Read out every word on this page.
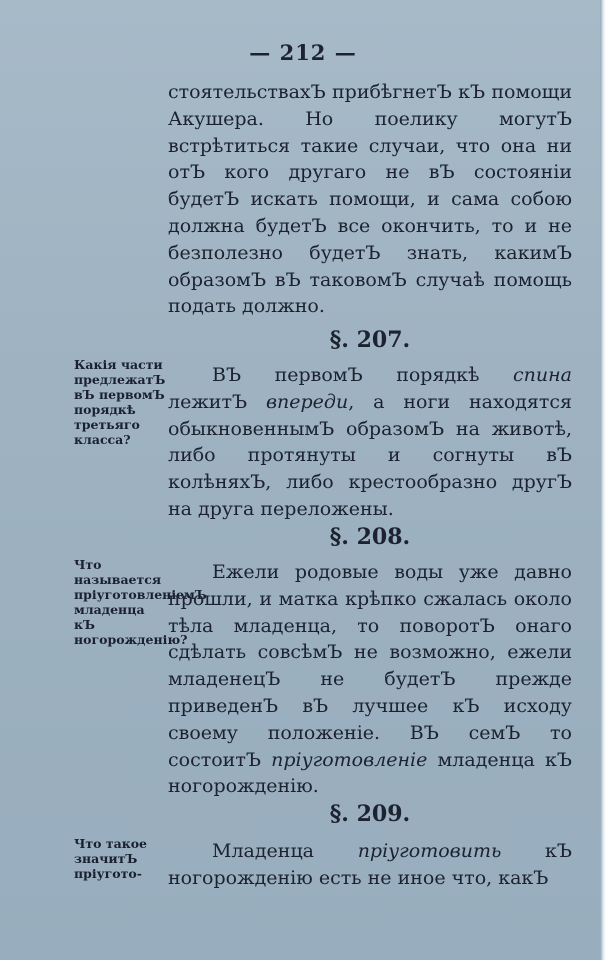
— 212 —

стоятельствахЪ прибѣгнетЪ кЪ помощи Акушера. Но поелику могутЪ встрѣтиться такие случаи, что она ни отЪ кого другаго не вЪ состояніи будетЪ искать помощи, и сама собою должна будетЪ все окончить, то и не безполезно будетЪ знать, какимЪ образомЪ вЪ таковомЪ случаѣ помощь подать должно.

§. 207.
Какія части предлежатЪ вЪ первомЪ порядкѣ третьяго класса?

ВЪ первомЪ порядкѣ спина лежитЪ впереди, а ноги находятся обыкновеннымЪ образомЪ на животѣ, либо протянуты и согнуты вЪ колѣняхЪ, либо крестообразно другЪ на друга переложены.

§. 208.
Что называется пріуготовленіемЪ младенца кЪ ногорожденію?

Ежели родовые воды уже давно прошли, и матка крѣпко сжалась около тѣла младенца, то поворотЪ онаго сдѣлать совсѣмЪ не возможно, ежели младенецЪ не будетЪ прежде приведенЪ вЪ лучшее кЪ исходу своему положеніе. ВЪ семЪ то состоитЪ пріуготовленіе младенца кЪ ногорожденію.

§. 209.
Что такое значитЪ пріугото-

Младенца пріуготовить кЪ ногорожденію есть не иное что, какЪ
